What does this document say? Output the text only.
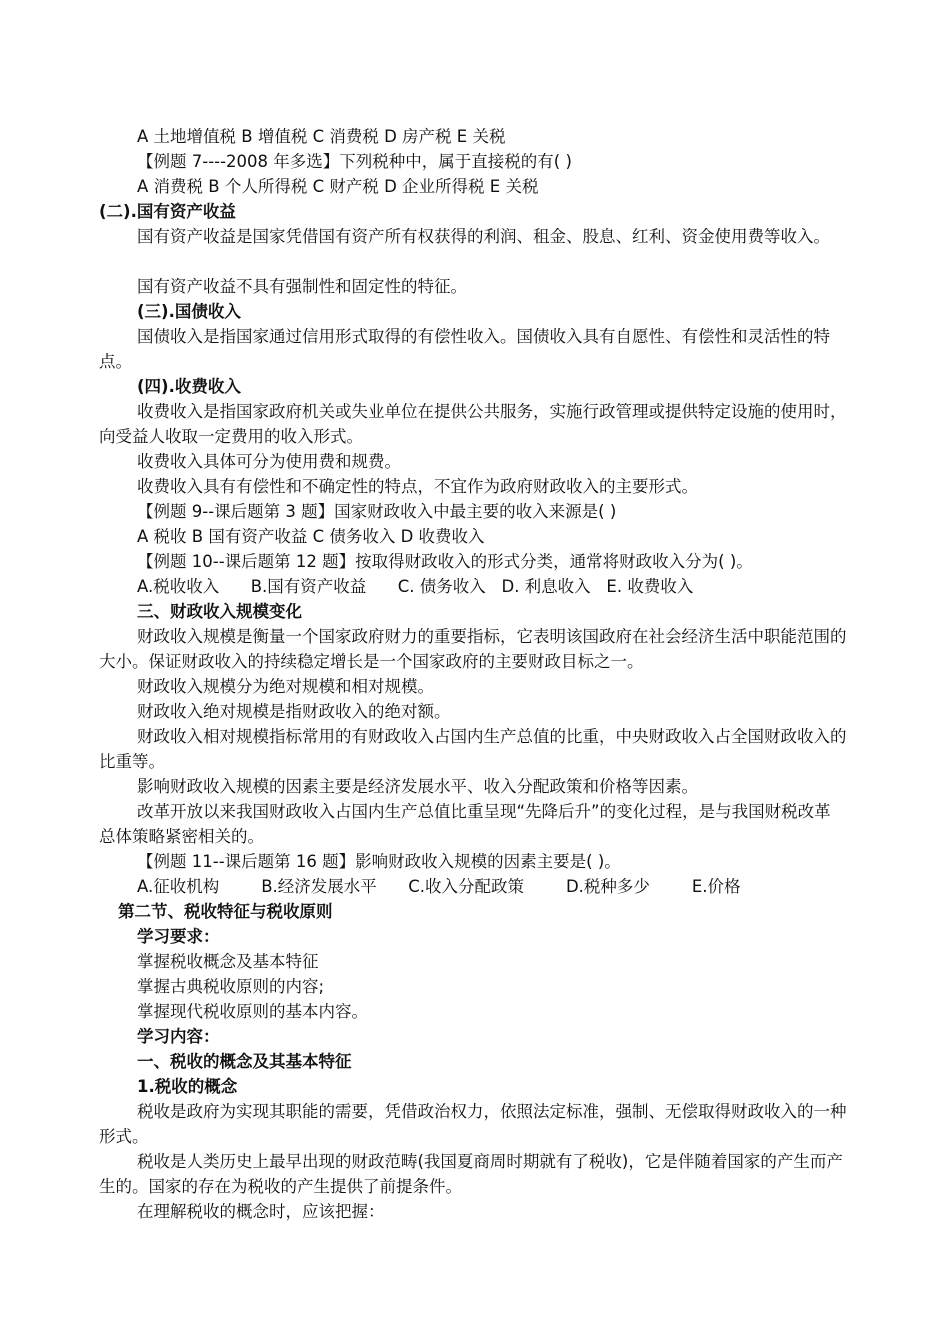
A 土地增值税 B 增值税 C 消费税 D 房产税 E 关税

【例题 7----2008 年多选】下列税种中，属于直接税的有( )

A 消费税 B 个人所得税 C 财产税 D 企业所得税 E 关税

(二).国有资产收益

国有资产收益是国家凭借国有资产所有权获得的利润、租金、股息、红利、资金使用费等收入。

国有资产收益不具有强制性和固定性的特征。

(三).国债收入

国债收入是指国家通过信用形式取得的有偿性收入。国债收入具有自愿性、有偿性和灵活性的特点。

(四).收费收入

收费收入是指国家政府机关或失业单位在提供公共服务，实施行政管理或提供特定设施的使用时，向受益人收取一定费用的收入形式。

收费收入具体可分为使用费和规费。

收费收入具有有偿性和不确定性的特点，不宜作为政府财政收入的主要形式。

【例题 9--课后题第 3 题】国家财政收入中最主要的收入来源是( )

A 税收 B 国有资产收益 C 债务收入 D 收费收入

【例题 10--课后题第 12 题】按取得财政收入的形式分类，通常将财政收入分为( )。

A.税收收入      B.国有资产收益      C. 债务收入   D. 利息收入   E. 收费收入

三、财政收入规模变化

财政收入规模是衡量一个国家政府财力的重要指标，它表明该国政府在社会经济生活中职能范围的大小。保证财政收入的持续稳定增长是一个国家政府的主要财政目标之一。

财政收入规模分为绝对规模和相对规模。

财政收入绝对规模是指财政收入的绝对额。

财政收入相对规模指标常用的有财政收入占国内生产总值的比重，中央财政收入占全国财政收入的比重等。

影响财政收入规模的因素主要是经济发展水平、收入分配政策和价格等因素。

改革开放以来我国财政收入占国内生产总值比重呈现“先降后升”的变化过程，是与我国财税改革总体策略紧密相关的。

【例题 11--课后题第 16 题】影响财政收入规模的因素主要是( )。

A.征收机构        B.经济发展水平      C.收入分配政策        D.税种多少        E.价格

第二节、税收特征与税收原则

学习要求：

掌握税收概念及基本特征

掌握古典税收原则的内容;

掌握现代税收原则的基本内容。

学习内容：

一、税收的概念及其基本特征

1.税收的概念

税收是政府为实现其职能的需要，凭借政治权力，依照法定标准，强制、无偿取得财政收入的一种形式。

税收是人类历史上最早出现的财政范畴(我国夏商周时期就有了税收)，它是伴随着国家的产生而产生的。国家的存在为税收的产生提供了前提条件。

在理解税收的概念时，应该把握：
